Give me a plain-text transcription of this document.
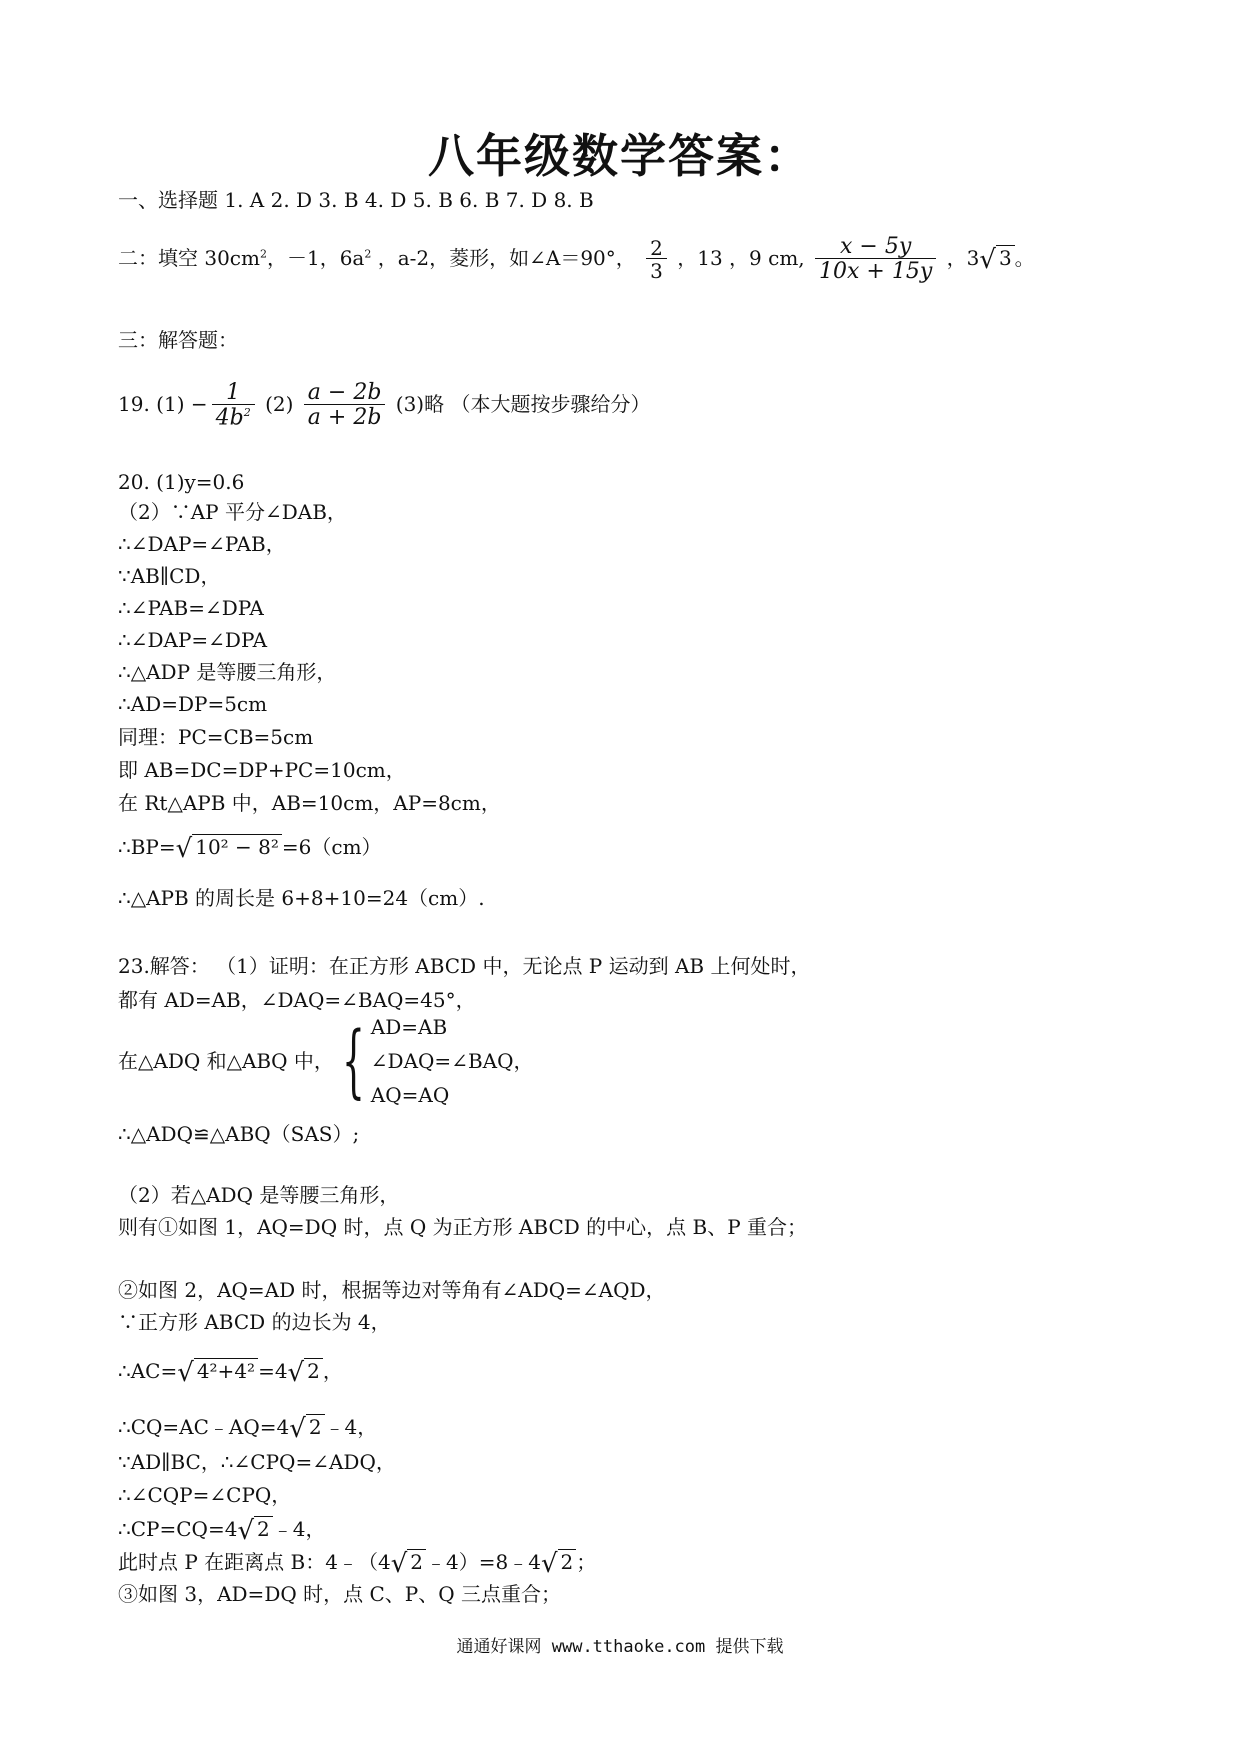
八年级数学答案：
一、选择题 1. A 2. D 3. B 4. D 5. B 6. B 7. D 8. B
二：填空 $30cm^2$，－1，$6a^2$ ，a-2，菱形，如∠A＝90°， $\frac{2}{3}$ ，13 ，9 cm, $\frac{x - 5y}{10x + 15y}$ ，3√ 3 。
三：解答题：
19. $(1) - \frac{1}{4b^2} (2) \frac{a - 2b}{a + 2b} (3)$略 （本大题按步骤给分）
20. (1)y=0.6
（2）∵AP 平分∠DAB，
∴∠DAP=∠PAB，
∵AB∥CD，
∴∠PAB=∠DPA
∴∠DAP=∠DPA
∴△ADP 是等腰三角形，
∴AD=DP=5cm
同理：PC=CB=5cm
即 AB=DC=DP+PC=10cm，
在 Rt△APB 中，AB=10cm，AP=8cm，
∴BP=√ 10² − 8² =6（cm）
∴△APB 的周长是 6+8+10=24（cm）.
23.解答： （1）证明：在正方形 ABCD 中，无论点 P 运动到 AB 上何处时，
都有 AD=AB，∠DAQ=∠BAQ=45°，
在△ADQ 和△ABQ 中，{ AD=AB
∠DAQ=∠BAQ，
AQ=AQ
∴△ADQ≌△ABQ（SAS）;
（2）若△ADQ 是等腰三角形，
则有①如图 1，AQ=DQ 时，点 Q 为正方形 ABCD 的中心，点 B、P 重合；
②如图 2，AQ=AD 时，根据等边对等角有∠ADQ=∠AQD，
∵正方形 ABCD 的边长为 4，
∴AC=√ 4²+4² =4√ 2 ，
∴CQ=AC﹣AQ=4√ 2 ﹣4，
∵AD∥BC，∴∠CPQ=∠ADQ，
∴∠CQP=∠CPQ，
∴CP=CQ=4√ 2 ﹣4，
此时点 P 在距离点 B：4﹣（4√ 2 ﹣4）=8﹣4√ 2 ；
③如图 3，AD=DQ 时，点 C、P、Q 三点重合；
通通好课网 www.tthaoke.com 提供下载
